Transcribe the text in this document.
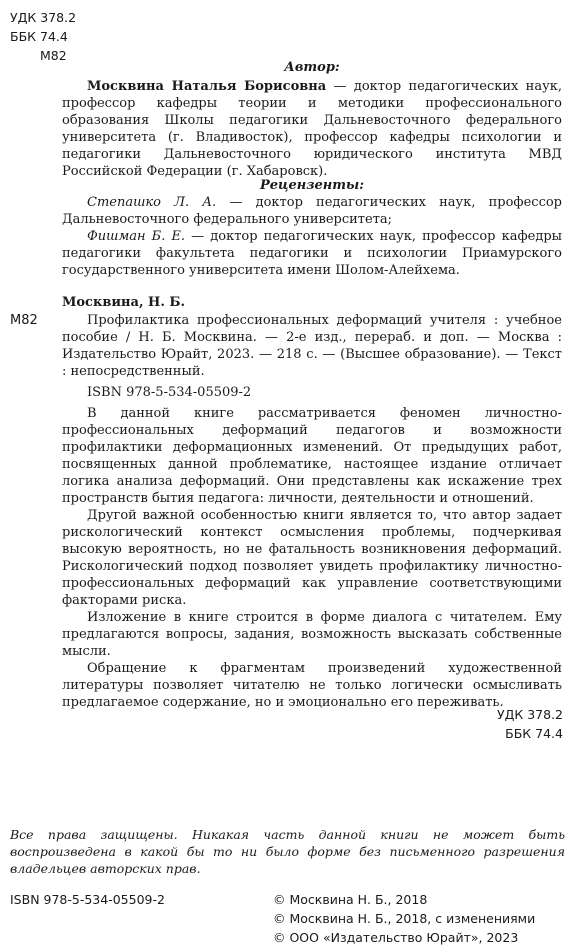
УДК 378.2
ББК 74.4
М82
Автор:

Москвина Наталья Борисовна — доктор педагогических наук, профессор кафедры теории и методики профессионального образования Школы педагогики Дальневосточного федерального университета (г. Владивосток), профессор кафедры психологии и педагогики Дальневосточного юридического института МВД Российской Федерации (г. Хабаровск).

Рецензенты:

Степашко Л. А. — доктор педагогических наук, профессор Дальневосточного федерального университета;

Фишман Б. Е. — доктор педагогических наук, профессор кафедры педагогики факультета педагогики и психологии Приамурского государственного университета имени Шолом-Алейхема.

М82
Москвина, Н. Б.

Профилактика профессиональных деформаций учителя : учебное пособие / Н. Б. Москвина. — 2-е изд., перераб. и доп. — Москва : Издательство Юрайт, 2023. — 218 с. — (Высшее образование). — Текст : непосредственный.

ISBN 978-5-534-05509-2

В данной книге рассматривается феномен личностно-профессиональных деформаций педагогов и возможности профилактики деформационных изменений. От предыдущих работ, посвященных данной проблематике, настоящее издание отличает логика анализа деформаций. Они представлены как искажение трех пространств бытия педагога: личности, деятельности и отношений.

Другой важной особенностью книги является то, что автор задает рискологический контекст осмысления проблемы, подчеркивая высокую вероятность, но не фатальность возникновения деформаций. Рискологический подход позволяет увидеть профилактику личностно-профессиональных деформаций как управление соответствующими факторами риска.

Изложение в книге строится в форме диалога с читателем. Ему предлагаются вопросы, задания, возможность высказать собственные мысли.

Обращение к фрагментам произведений художественной литературы позволяет читателю не только логически осмысливать предлагаемое содержание, но и эмоционально его переживать.

УДК 378.2
ББК 74.4
Все права защищены. Никакая часть данной книги не может быть воспроизведена в какой бы то ни было форме без письменного разрешения владельцев авторских прав.
ISBN 978-5-534-05509-2	© Москвина Н. Б., 2018
© Москвина Н. Б., 2018, с изменениями
© ООО «Издательство Юрайт», 2023
